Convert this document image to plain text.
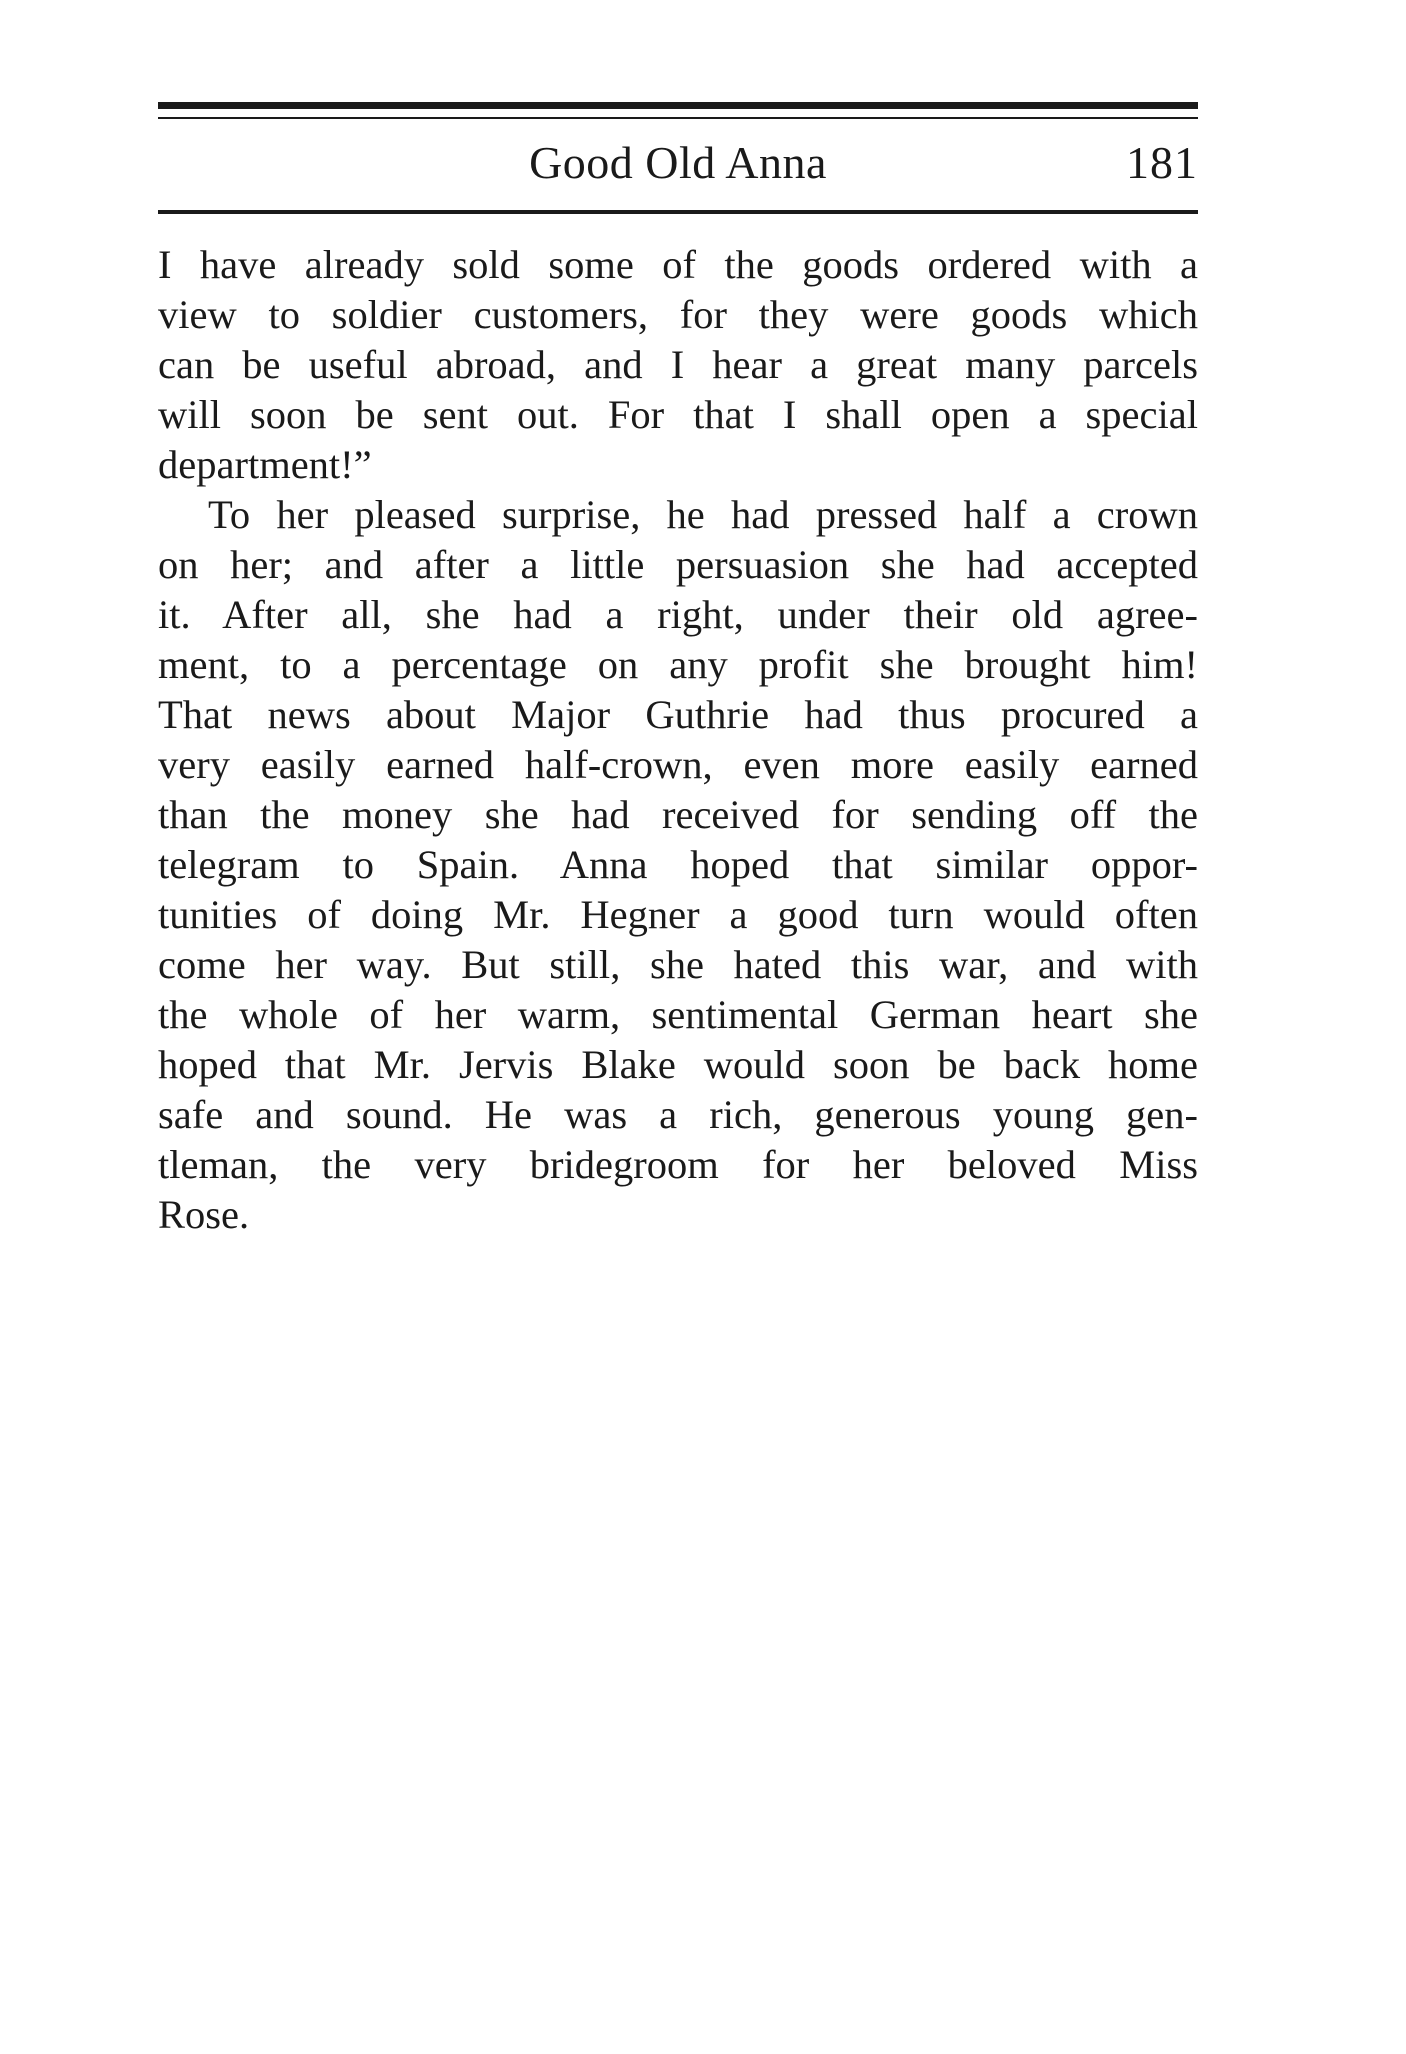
Good Old Anna	181
I have already sold some of the goods ordered with a
view to soldier customers, for they were goods which
can be useful abroad, and I hear a great many parcels
will soon be sent out. For that I shall open a special
department!”
To her pleased surprise, he had pressed half a crown
on her; and after a little persuasion she had accepted
it. After all, she had a right, under their old agree-
ment, to a percentage on any profit she brought him!
That news about Major Guthrie had thus procured a
very easily earned half-crown, even more easily earned
than the money she had received for sending off the
telegram to Spain. Anna hoped that similar oppor-
tunities of doing Mr. Hegner a good turn would often
come her way. But still, she hated this war, and with
the whole of her warm, sentimental German heart she
hoped that Mr. Jervis Blake would soon be back home
safe and sound. He was a rich, generous young gen-
tleman, the very bridegroom for her beloved Miss
Rose.
